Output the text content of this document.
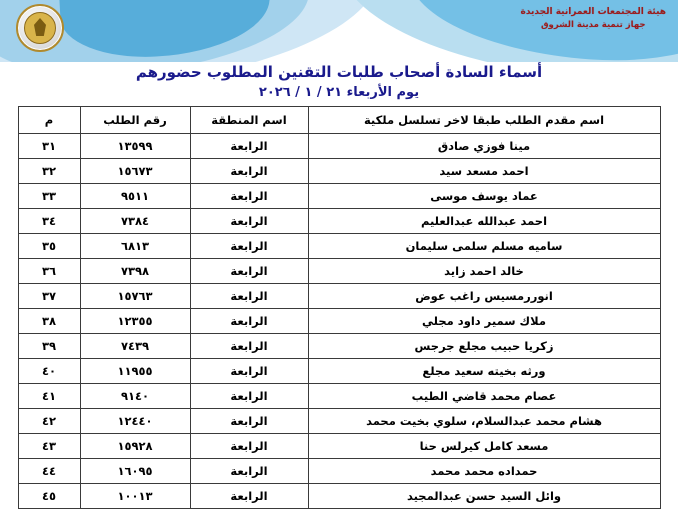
هيئة المجتمعات العمرانية الجديدة
جهاز تنمية مدينة الشروق
أسماء السادة أصحاب طلبات التقنين المطلوب حضورهم
يوم الأربعاء ٢١ / ١ / ٢٠٢٦
اسم مقدم الطلب طبقا لاخر تسلسل ملكية	اسم المنطقة	رقم الطلب	م
مينا فوزي صادق	الرابعة	١٣٥٩٩	٣١
احمد مسعد سيد	الرابعة	١٥٦٧٣	٣٢
عماد يوسف موسى	الرابعة	٩٥١١	٣٣
احمد عبدالله عبدالعليم	الرابعة	٧٣٨٤	٣٤
ساميه مسلم سلمى سليمان	الرابعة	٦٨١٣	٣٥
خالد احمد زايد	الرابعة	٧٣٩٨	٣٦
انوررمسيس راغب عوض	الرابعة	١٥٧٦٣	٣٧
ملاك سمير داود مجلي	الرابعة	١٢٣٥٥	٣٨
زكريا حبيب مجلع جرجس	الرابعة	٧٤٣٩	٣٩
ورثه بخيته سعيد مجلع	الرابعة	١١٩٥٥	٤٠
عصام محمد قاضي الطيب	الرابعة	٩١٤٠	٤١
هشام محمد عبدالسلام، سلوي بخيت محمد	الرابعة	١٢٤٤٠	٤٢
مسعد كامل كيرلس حنا	الرابعة	١٥٩٢٨	٤٣
حمداده محمد محمد	الرابعة	١٦٠٩٥	٤٤
وائل السيد حسن عبدالمجيد	الرابعة	١٠٠١٣	٤٥
